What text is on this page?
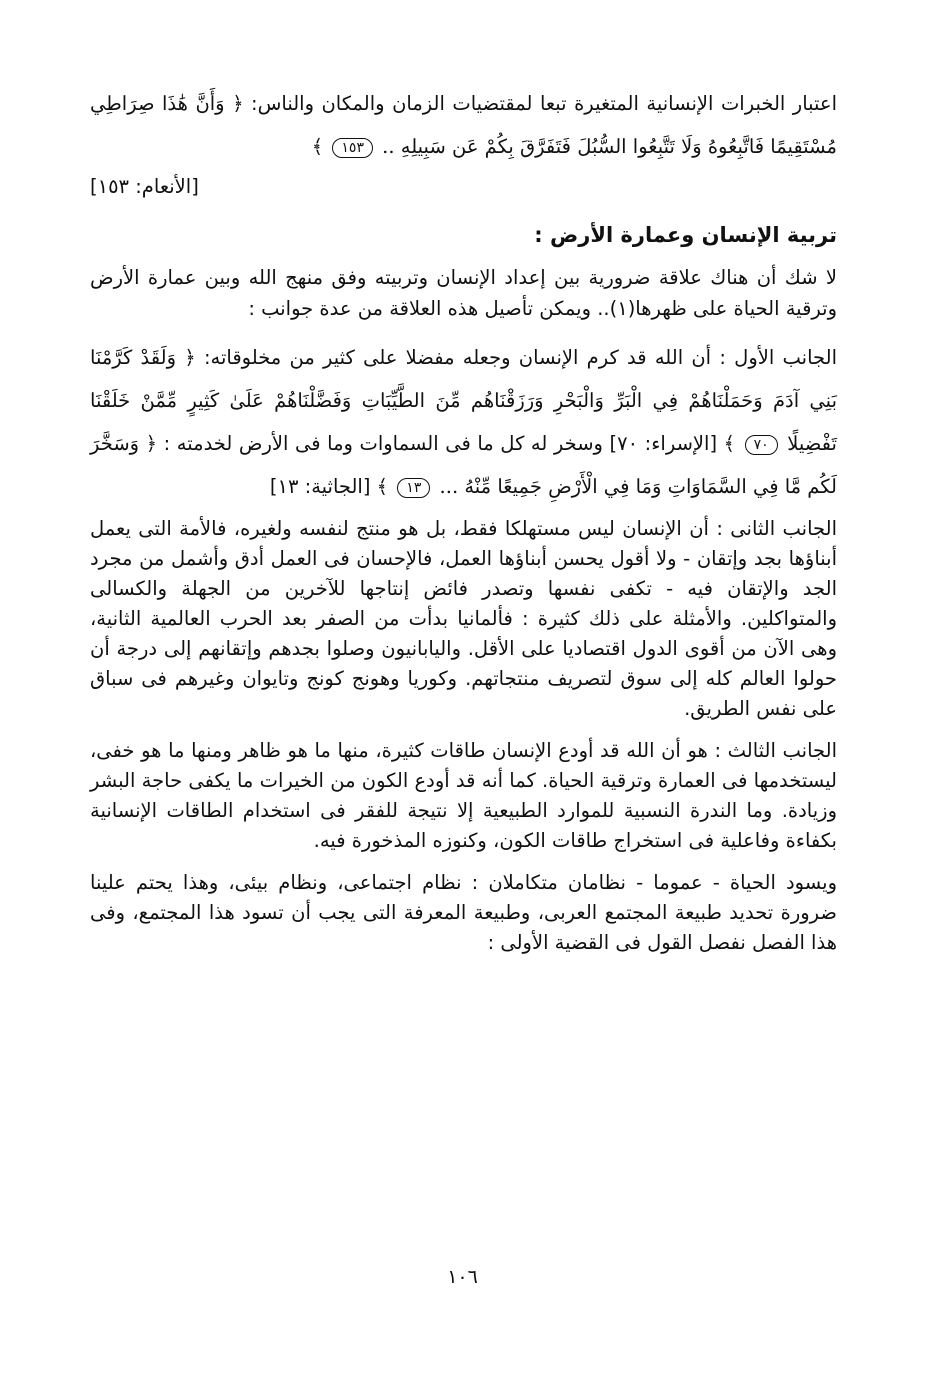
اعتبار الخبرات الإنسانية المتغيرة تبعا لمقتضيات الزمان والمكان والناس: ﴿ وَأَنَّ هَٰذَا صِرَاطِي مُسْتَقِيمًا فَاتَّبِعُوهُ وَلَا تَتَّبِعُوا السُّبُلَ فَتَفَرَّقَ بِكُمْ عَن سَبِيلِهِ .. ١٥٣ ﴾

[الأنعام: ١٥٣]

تربية الإنسان وعمارة الأرض :

لا شك أن هناك علاقة ضرورية بين إعداد الإنسان وتربيته وفق منهج الله وبين عمارة الأرض وترقية الحياة على ظهرها(١).. ويمكن تأصيل هذه العلاقة من عدة جوانب :

الجانب الأول : أن الله قد كرم الإنسان وجعله مفضلا على كثير من مخلوقاته: ﴿ وَلَقَدْ كَرَّمْنَا بَنِي آدَمَ وَحَمَلْنَاهُمْ فِي الْبَرِّ وَالْبَحْرِ وَرَزَقْنَاهُم مِّنَ الطَّيِّبَاتِ وَفَضَّلْنَاهُمْ عَلَىٰ كَثِيرٍ مِّمَّنْ خَلَقْنَا تَفْضِيلًا ٧٠ ﴾ [الإسراء: ٧٠] وسخر له كل ما فى السماوات وما فى الأرض لخدمته : ﴿ وَسَخَّرَ لَكُم مَّا فِي السَّمَاوَاتِ وَمَا فِي الْأَرْضِ جَمِيعًا مِّنْهُ ... ١٣ ﴾ [الجاثية: ١٣]

الجانب الثانى : أن الإنسان ليس مستهلكا فقط، بل هو منتج لنفسه ولغيره، فالأمة التى يعمل أبناؤها بجد وإتقان - ولا أقول يحسن أبناؤها العمل، فالإحسان فى العمل أدق وأشمل من مجرد الجد والإتقان فيه - تكفى نفسها وتصدر فائض إنتاجها للآخرين من الجهلة والكسالى والمتواكلين. والأمثلة على ذلك كثيرة : فألمانيا بدأت من الصفر بعد الحرب العالمية الثانية، وهى الآن من أقوى الدول اقتصاديا على الأقل. واليابانيون وصلوا بجدهم وإتقانهم إلى درجة أن حولوا العالم كله إلى سوق لتصريف منتجاتهم. وكوريا وهونج كونج وتايوان وغيرهم فى سباق على نفس الطريق.

الجانب الثالث : هو أن الله قد أودع الإنسان طاقات كثيرة، منها ما هو ظاهر ومنها ما هو خفى، ليستخدمها فى العمارة وترقية الحياة. كما أنه قد أودع الكون من الخيرات ما يكفى حاجة البشر وزيادة. وما الندرة النسبية للموارد الطبيعية إلا نتيجة للفقر فى استخدام الطاقات الإنسانية بكفاءة وفاعلية فى استخراج طاقات الكون، وكنوزه المذخورة فيه.

ويسود الحياة - عموما - نظامان متكاملان : نظام اجتماعى، ونظام بيئى، وهذا يحتم علينا ضرورة تحديد طبيعة المجتمع العربى، وطبيعة المعرفة التى يجب أن تسود هذا المجتمع، وفى هذا الفصل نفصل القول فى القضية الأولى :

١٠٦
